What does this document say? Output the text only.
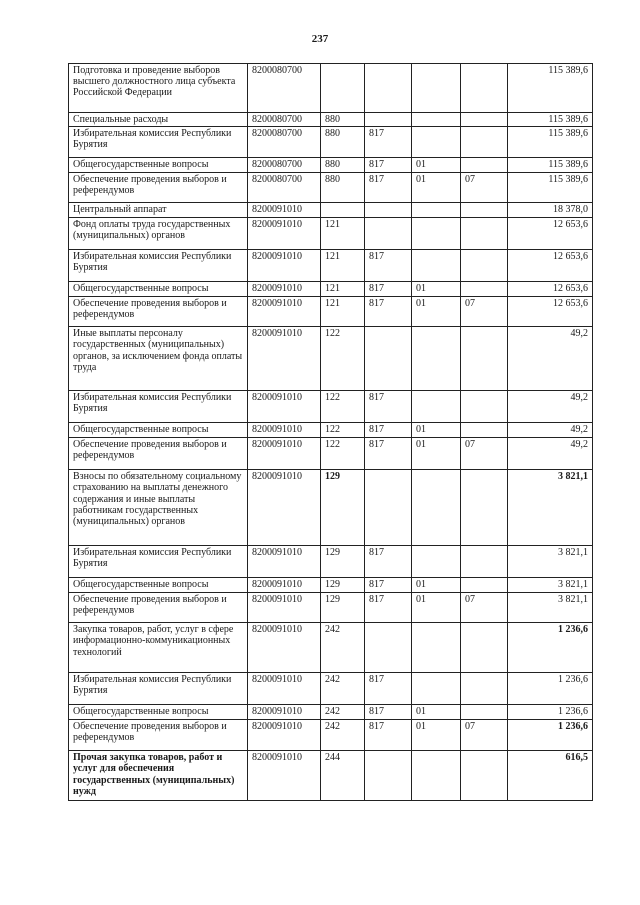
237
Подготовка и проведение выборов высшего должностного лица субъекта Российской Федерации	8200080700					115 389,6
Специальные расходы	8200080700	880				115 389,6
Избирательная комиссия Республики Бурятия	8200080700	880	817			115 389,6
Общегосударственные вопросы	8200080700	880	817	01		115 389,6
Обеспечение проведения выборов и референдумов	8200080700	880	817	01	07	115 389,6
Центральный аппарат	8200091010					18 378,0
Фонд оплаты труда государственных (муниципальных) органов	8200091010	121				12 653,6
Избирательная комиссия Республики Бурятия	8200091010	121	817			12 653,6
Общегосударственные вопросы	8200091010	121	817	01		12 653,6
Обеспечение проведения выборов и референдумов	8200091010	121	817	01	07	12 653,6
Иные выплаты персоналу государственных (муниципальных) органов, за исключением фонда оплаты труда	8200091010	122				49,2
Избирательная комиссия Республики Бурятия	8200091010	122	817			49,2
Общегосударственные вопросы	8200091010	122	817	01		49,2
Обеспечение проведения выборов и референдумов	8200091010	122	817	01	07	49,2
Взносы по обязательному социальному страхованию на выплаты денежного содержания и иные выплаты работникам государственных (муниципальных) органов	8200091010	129				3 821,1
Избирательная комиссия Республики Бурятия	8200091010	129	817			3 821,1
Общегосударственные вопросы	8200091010	129	817	01		3 821,1
Обеспечение проведения выборов и референдумов	8200091010	129	817	01	07	3 821,1
Закупка товаров, работ, услуг в сфере информационно-коммуникационных технологий	8200091010	242				1 236,6
Избирательная комиссия Республики Бурятия	8200091010	242	817			1 236,6
Общегосударственные вопросы	8200091010	242	817	01		1 236,6
Обеспечение проведения выборов и референдумов	8200091010	242	817	01	07	1 236,6
Прочая закупка товаров, работ и услуг для обеспечения государственных (муниципальных) нужд	8200091010	244				616,5
